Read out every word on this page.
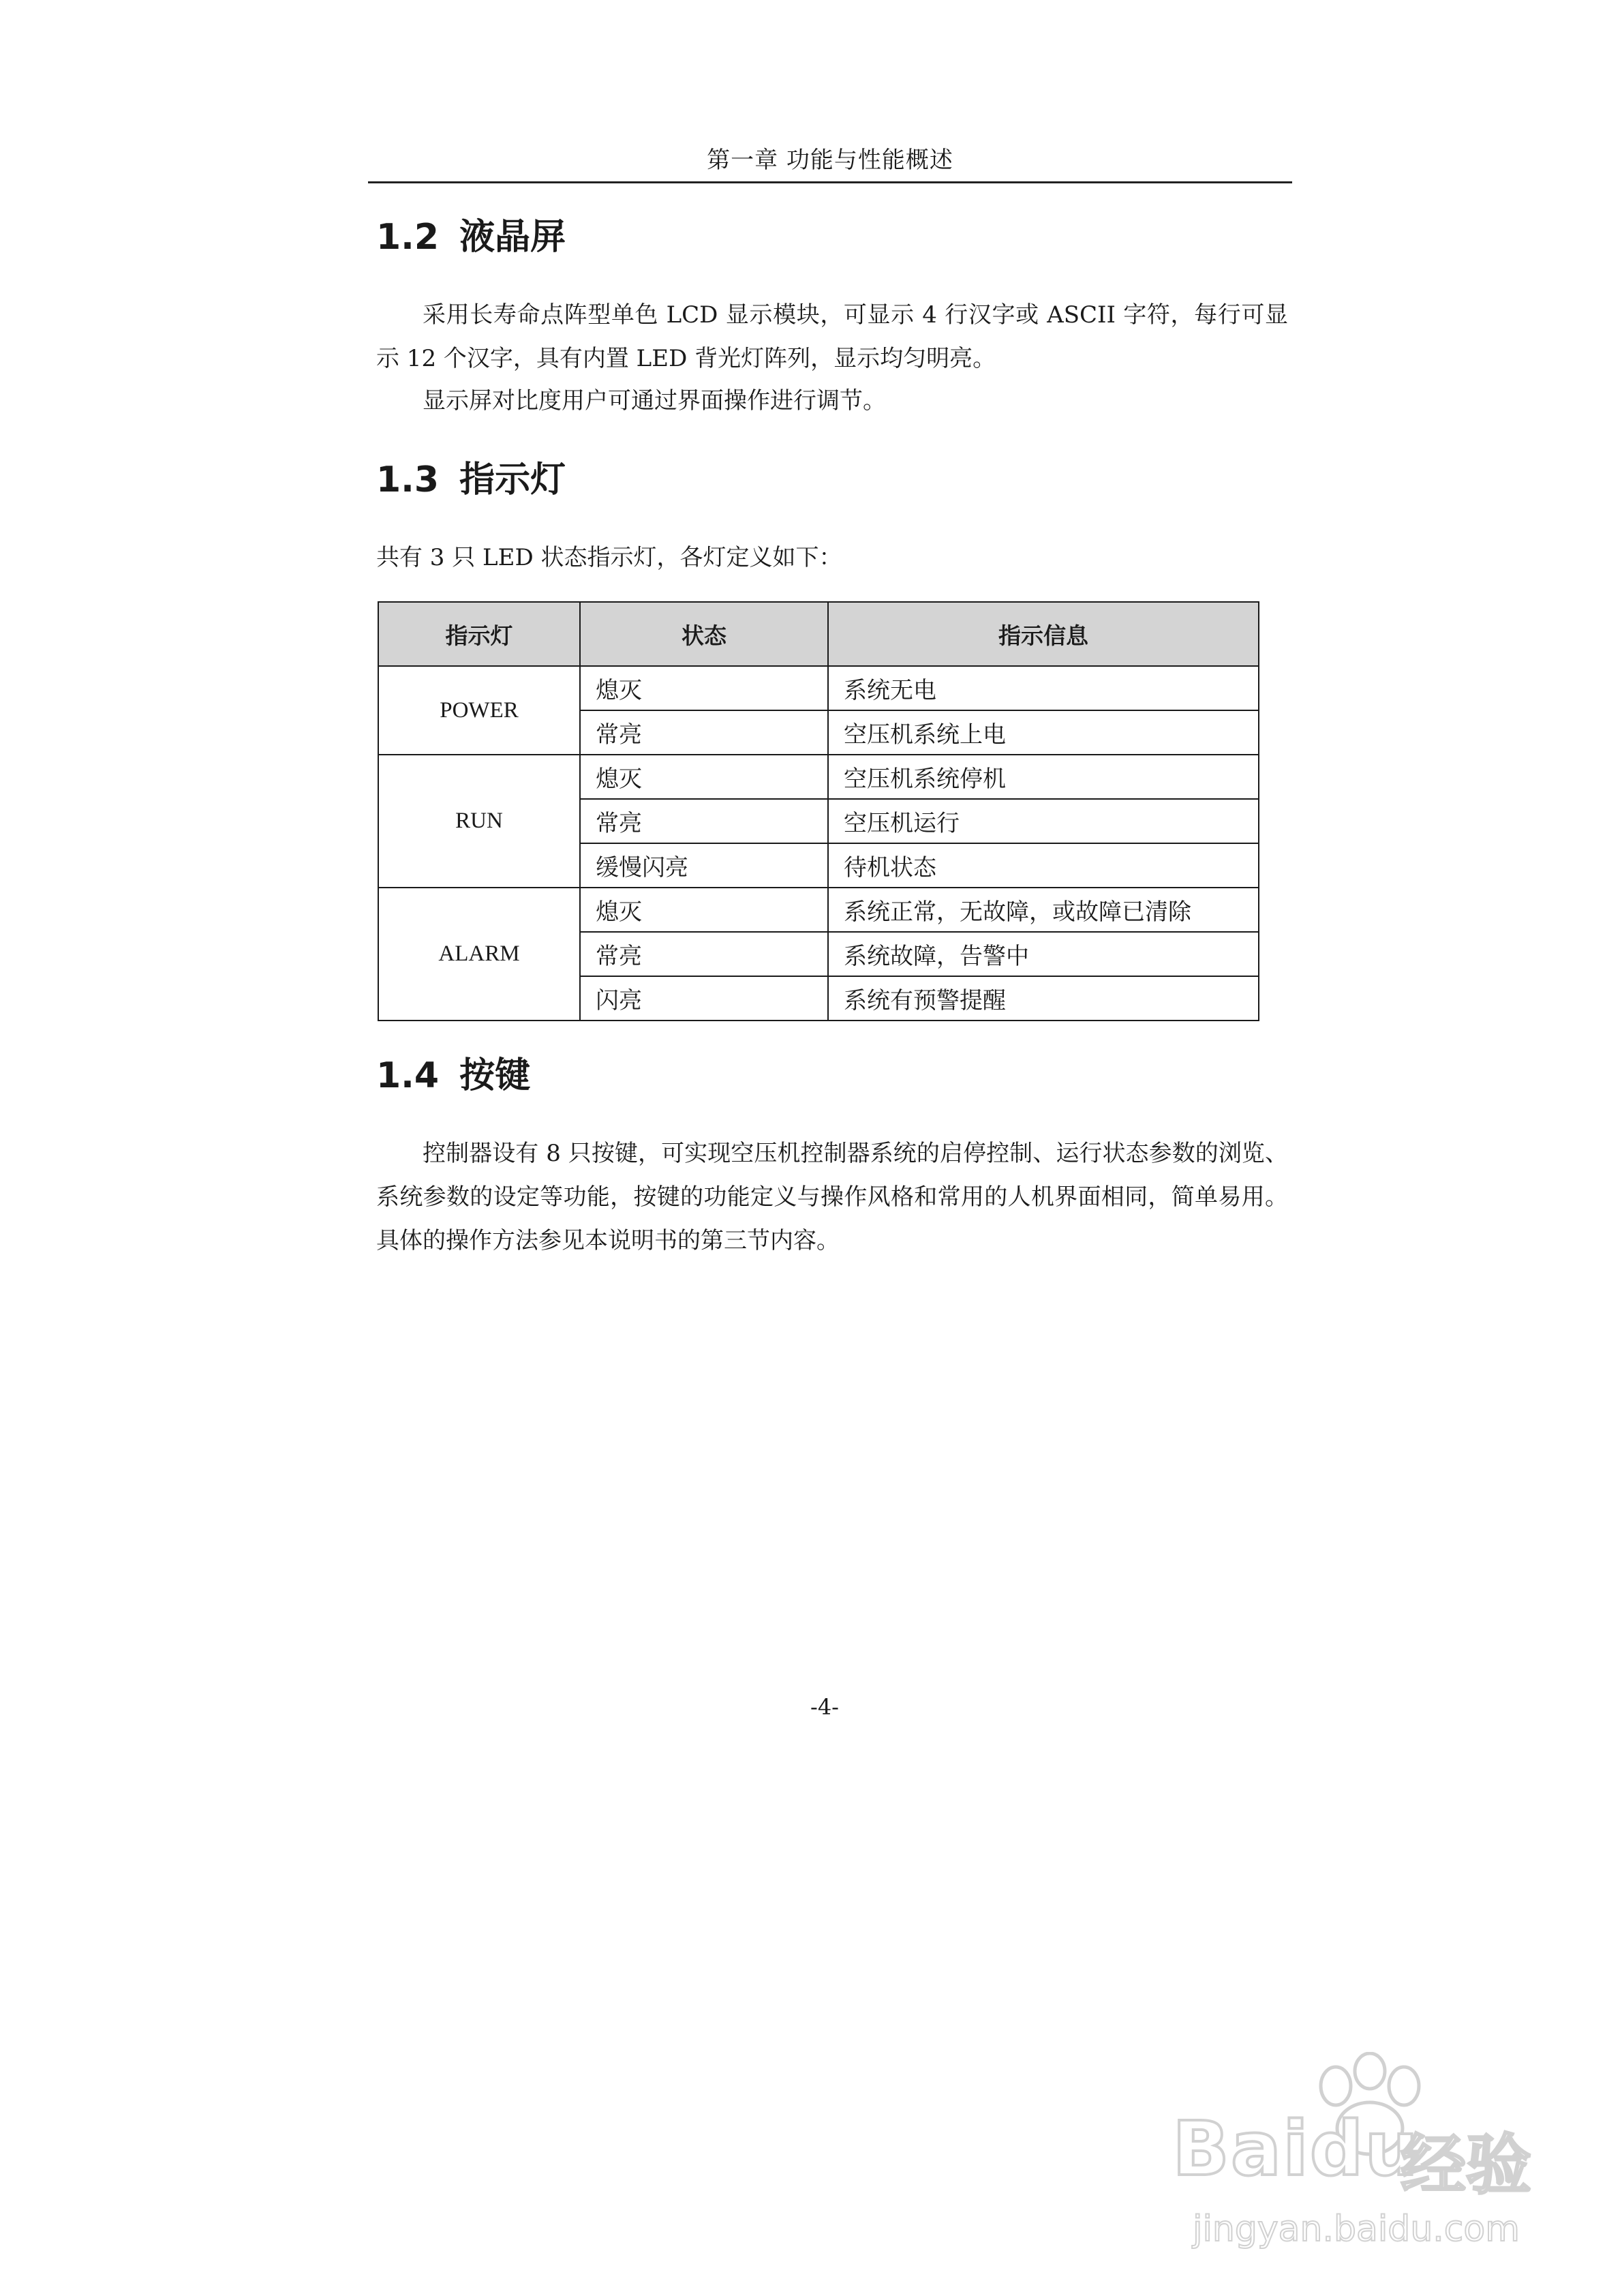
第一章 功能与性能概述
1.2 液晶屏
采用长寿命点阵型单色 LCD 显示模块，可显示 4 行汉字或 ASCII 字符，每行可显示 12 个汉字，具有内置 LED 背光灯阵列，显示均匀明亮。
显示屏对比度用户可通过界面操作进行调节。
1.3 指示灯
共有 3 只 LED 状态指示灯，各灯定义如下：
指示灯	状态	指示信息
POWER	熄灭	系统无电
	常亮	空压机系统上电
RUN	熄灭	空压机系统停机
	常亮	空压机运行
	缓慢闪亮	待机状态
ALARM	熄灭	系统正常，无故障，或故障已清除
	常亮	系统故障，告警中
	闪亮	系统有预警提醒
1.4 按键
控制器设有 8 只按键，可实现空压机控制器系统的启停控制、运行状态参数的浏览、系统参数的设定等功能，按键的功能定义与操作风格和常用的人机界面相同，简单易用。具体的操作方法参见本说明书的第三节内容。
-4-
Baidu
经验
jingyan.baidu.com
